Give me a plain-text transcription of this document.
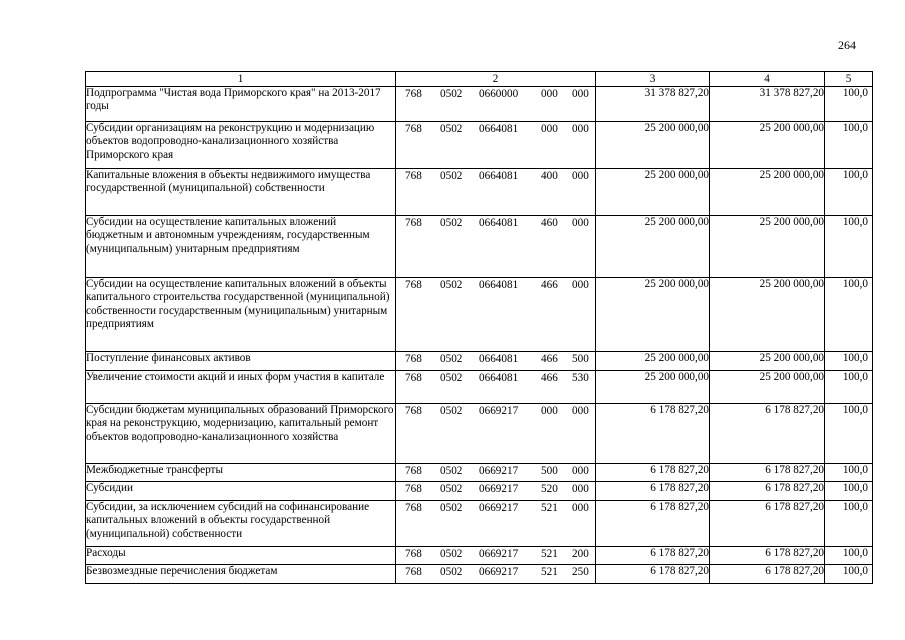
264
1	2	3	4	5
Подпрограмма "Чистая вода Приморского края" на 2013-2017 годы	768 0502 0660000 000 000	31 378 827,20	31 378 827,20	100,0
Субсидии организациям на реконструкцию и модернизацию объектов водопроводно-канализационного хозяйства Приморского края	768 0502 0664081 000 000	25 200 000,00	25 200 000,00	100,0
Капитальные вложения в объекты недвижимого имущества государственной (муниципальной) собственности	768 0502 0664081 400 000	25 200 000,00	25 200 000,00	100,0
Субсидии на осуществление капитальных вложений бюджетным и автономным учреждениям, государственным (муниципальным) унитарным предприятиям	768 0502 0664081 460 000	25 200 000,00	25 200 000,00	100,0
Субсидии на осуществление капитальных вложений в объекты капитального строительства государственной (муниципальной) собственности государственным (муниципальным) унитарным предприятиям	768 0502 0664081 466 000	25 200 000,00	25 200 000,00	100,0
Поступление финансовых активов	768 0502 0664081 466 500	25 200 000,00	25 200 000,00	100,0
Увеличение стоимости акций и иных форм участия в капитале	768 0502 0664081 466 530	25 200 000,00	25 200 000,00	100,0
Субсидии бюджетам муниципальных образований Приморского края на реконструкцию, модернизацию, капитальный ремонт объектов водопроводно-канализационного хозяйства	768 0502 0669217 000 000	6 178 827,20	6 178 827,20	100,0
Межбюджетные трансферты	768 0502 0669217 500 000	6 178 827,20	6 178 827,20	100,0
Субсидии	768 0502 0669217 520 000	6 178 827,20	6 178 827,20	100,0
Субсидии, за исключением субсидий на софинансирование капитальных вложений в объекты государственной (муниципальной) собственности	768 0502 0669217 521 000	6 178 827,20	6 178 827,20	100,0
Расходы	768 0502 0669217 521 200	6 178 827,20	6 178 827,20	100,0
Безвозмездные перечисления бюджетам	768 0502 0669217 521 250	6 178 827,20	6 178 827,20	100,0
